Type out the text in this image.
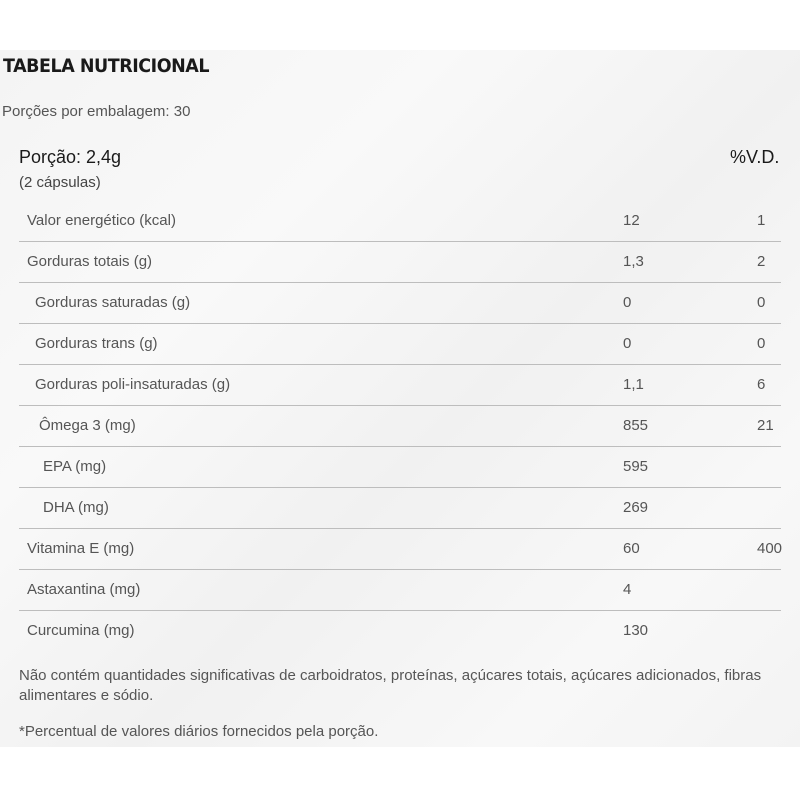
TABELA NUTRICIONAL
Porções por embalagem: 30
Porção: 2,4g
(2 cápsulas)
%V.D.
Valor energético (kcal)	12	1
Gorduras totais (g)	1,3	2
Gorduras saturadas (g)	0	0
Gorduras trans (g)	0	0
Gorduras poli-insaturadas (g)	1,1	6
Ômega 3 (mg)	855	21
EPA (mg)	595
DHA (mg)	269
Vitamina E (mg)	60	400
Astaxantina (mg)	4
Curcumina (mg)	130
Não contém quantidades significativas de carboidratos, proteínas, açúcares totais, açúcares adicionados, fibras alimentares e sódio.
*Percentual de valores diários fornecidos pela porção.
